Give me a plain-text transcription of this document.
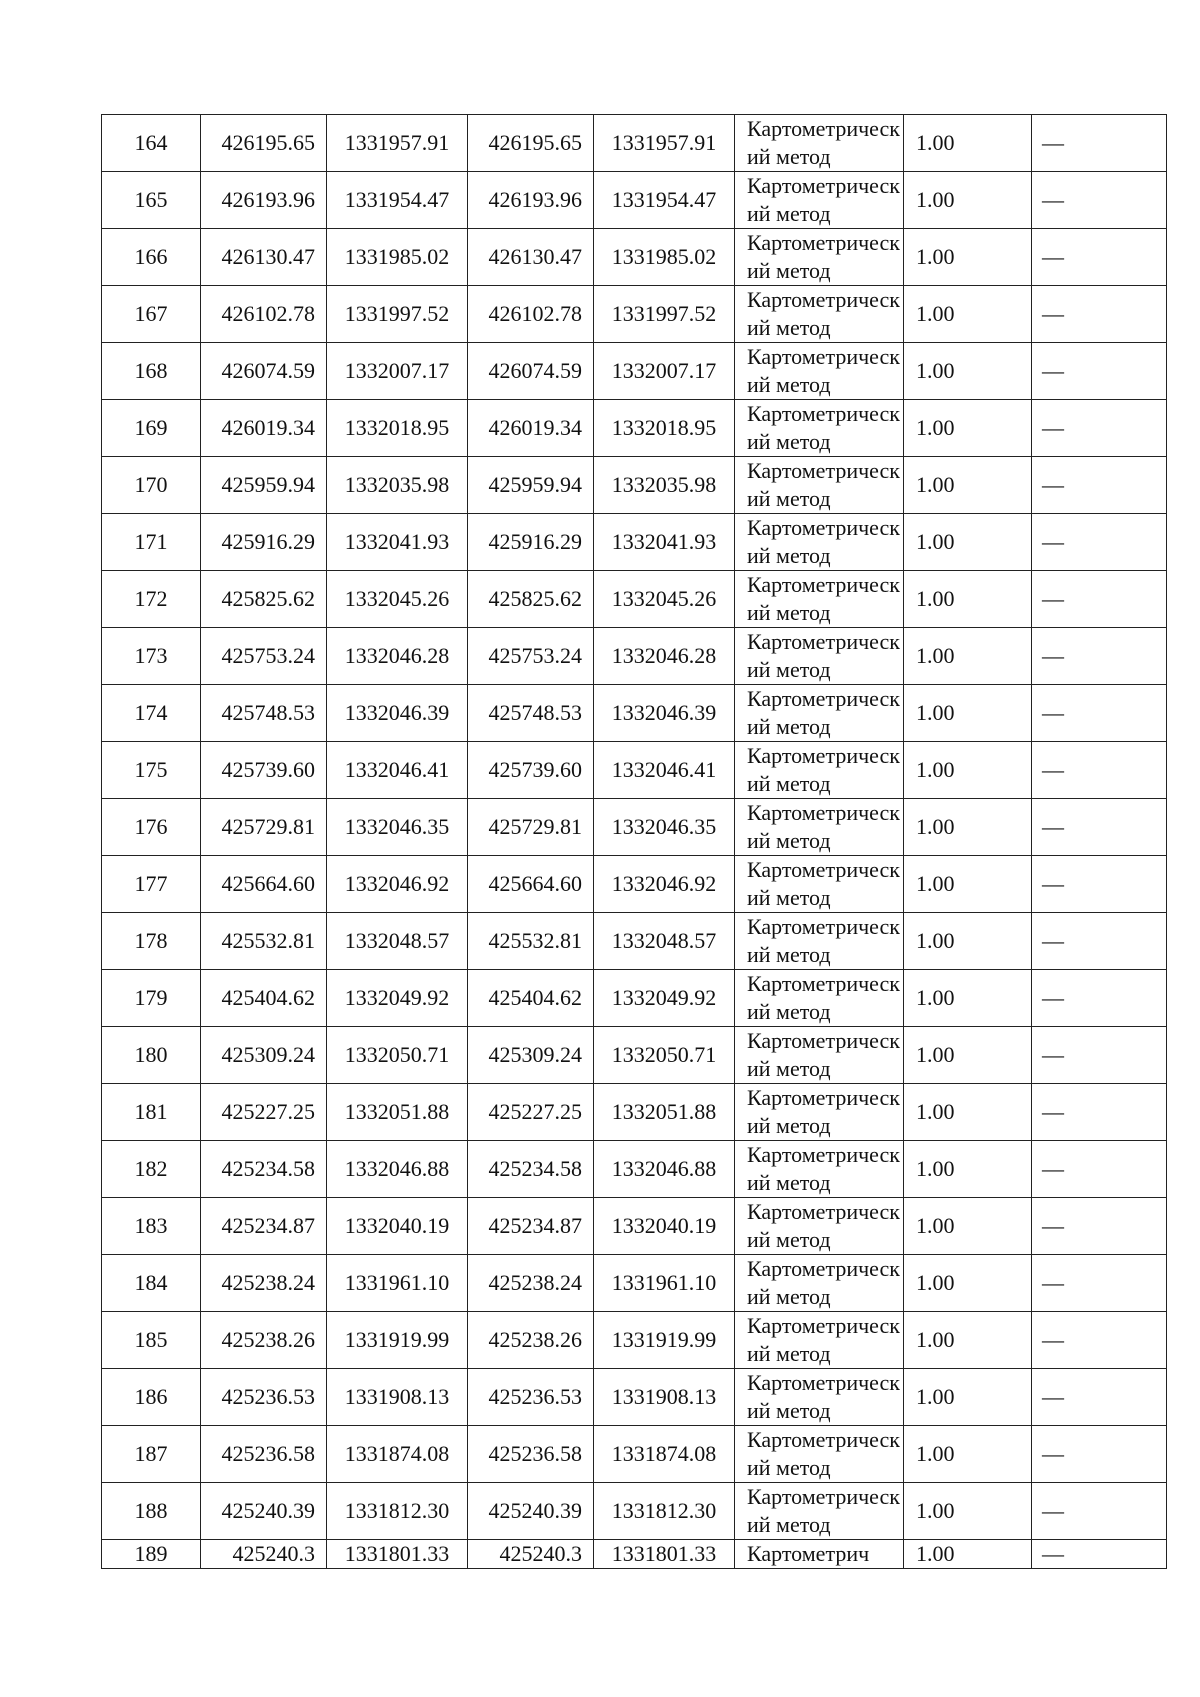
164	426195.65	1331957.91	426195.65	1331957.91	Картометрический метод	1.00	—
165	426193.96	1331954.47	426193.96	1331954.47	Картометрический метод	1.00	—
166	426130.47	1331985.02	426130.47	1331985.02	Картометрический метод	1.00	—
167	426102.78	1331997.52	426102.78	1331997.52	Картометрический метод	1.00	—
168	426074.59	1332007.17	426074.59	1332007.17	Картометрический метод	1.00	—
169	426019.34	1332018.95	426019.34	1332018.95	Картометрический метод	1.00	—
170	425959.94	1332035.98	425959.94	1332035.98	Картометрический метод	1.00	—
171	425916.29	1332041.93	425916.29	1332041.93	Картометрический метод	1.00	—
172	425825.62	1332045.26	425825.62	1332045.26	Картометрический метод	1.00	—
173	425753.24	1332046.28	425753.24	1332046.28	Картометрический метод	1.00	—
174	425748.53	1332046.39	425748.53	1332046.39	Картометрический метод	1.00	—
175	425739.60	1332046.41	425739.60	1332046.41	Картометрический метод	1.00	—
176	425729.81	1332046.35	425729.81	1332046.35	Картометрический метод	1.00	—
177	425664.60	1332046.92	425664.60	1332046.92	Картометрический метод	1.00	—
178	425532.81	1332048.57	425532.81	1332048.57	Картометрический метод	1.00	—
179	425404.62	1332049.92	425404.62	1332049.92	Картометрический метод	1.00	—
180	425309.24	1332050.71	425309.24	1332050.71	Картометрический метод	1.00	—
181	425227.25	1332051.88	425227.25	1332051.88	Картометрический метод	1.00	—
182	425234.58	1332046.88	425234.58	1332046.88	Картометрический метод	1.00	—
183	425234.87	1332040.19	425234.87	1332040.19	Картометрический метод	1.00	—
184	425238.24	1331961.10	425238.24	1331961.10	Картометрический метод	1.00	—
185	425238.26	1331919.99	425238.26	1331919.99	Картометрический метод	1.00	—
186	425236.53	1331908.13	425236.53	1331908.13	Картометрический метод	1.00	—
187	425236.58	1331874.08	425236.58	1331874.08	Картометрический метод	1.00	—
188	425240.39	1331812.30	425240.39	1331812.30	Картометрический метод	1.00	—
189	425240.3	1331801.33	425240.3	1331801.33	Картометрич	1.00	—
